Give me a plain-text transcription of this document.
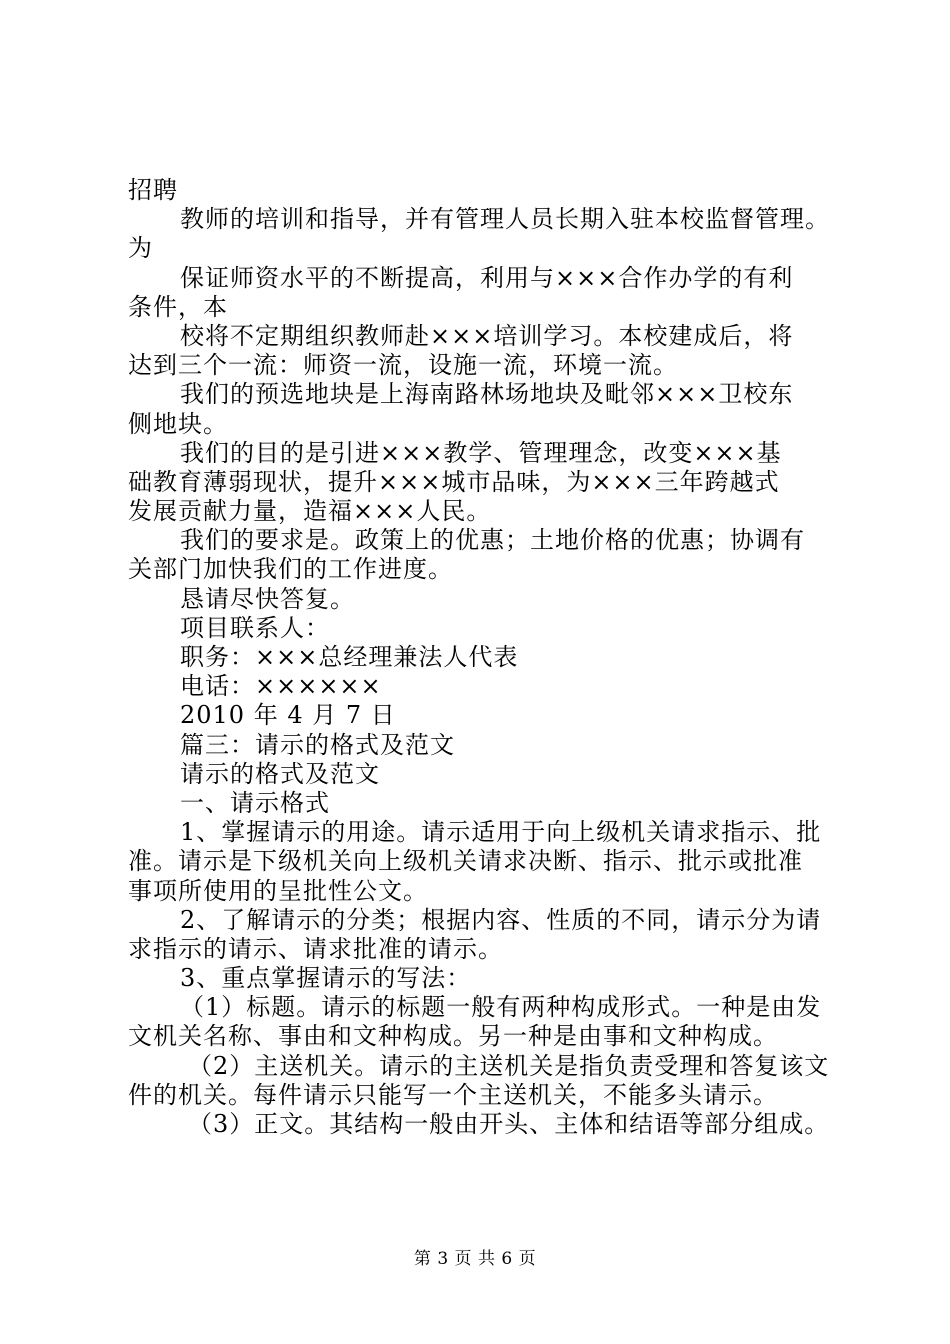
招聘
教师的培训和指导，并有管理人员长期入驻本校监督管理。
为
保证师资水平的不断提高，利用与×××合作办学的有利
条件，本
校将不定期组织教师赴×××培训学习。本校建成后，将
达到三个一流：师资一流，设施一流，环境一流。
我们的预选地块是上海南路林场地块及毗邻×××卫校东
侧地块。
我们的目的是引进×××教学、管理理念，改变×××基
础教育薄弱现状，提升×××城市品味，为×××三年跨越式
发展贡献力量，造福×××人民。
我们的要求是。政策上的优惠；土地价格的优惠；协调有
关部门加快我们的工作进度。
恳请尽快答复。
项目联系人：
职务：×××总经理兼法人代表
电话：××××××
2010 年 4 月 7 日
篇三：请示的格式及范文
请示的格式及范文
一、请示格式
1、掌握请示的用途。请示适用于向上级机关请求指示、批
准。请示是下级机关向上级机关请求决断、指示、批示或批准
事项所使用的呈批性公文。
2、了解请示的分类；根据内容、性质的不同，请示分为请
求指示的请示、请求批准的请示。
3、重点掌握请示的写法：
（1）标题。请示的标题一般有两种构成形式。一种是由发
文机关名称、事由和文种构成。另一种是由事和文种构成。
（2）主送机关。请示的主送机关是指负责受理和答复该文
件的机关。每件请示只能写一个主送机关，不能多头请示。
（3）正文。其结构一般由开头、主体和结语等部分组成。
第 3 页 共 6 页
